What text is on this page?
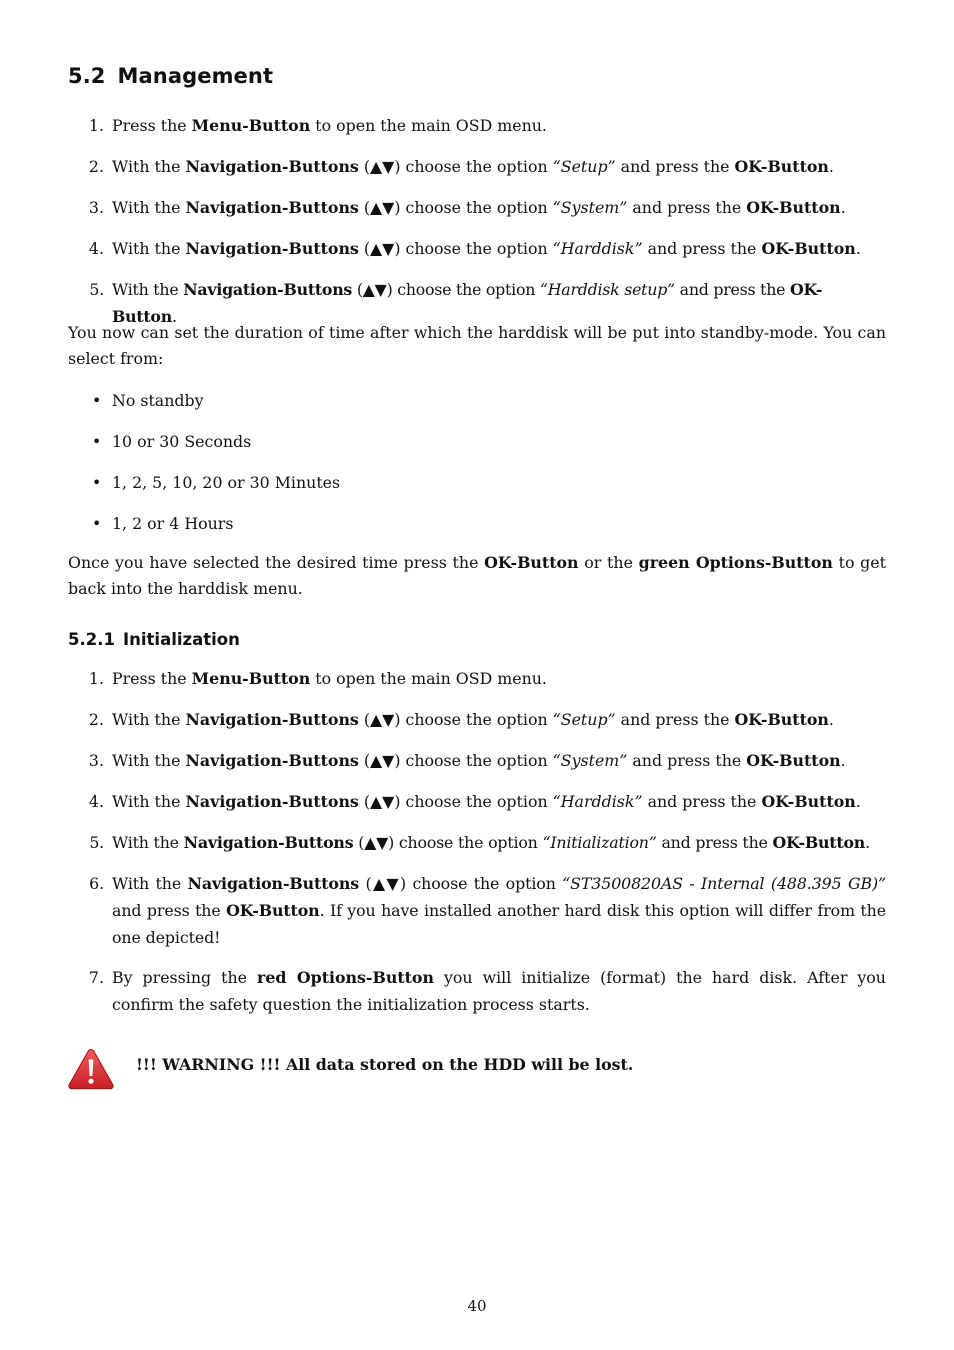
5.2 Management
1. Press the Menu-Button to open the main OSD menu.
2. With the Navigation-Buttons (▲▼) choose the option “Setup” and press the OK-Button.
3. With the Navigation-Buttons (▲▼) choose the option “System” and press the OK-Button.
4. With the Navigation-Buttons (▲▼) choose the option “Harddisk” and press the OK-Button.
5. With the Navigation-Buttons (▲▼) choose the option “Harddisk setup” and press the OK-Button.

You now can set the duration of time after which the harddisk will be put into standby-mode. You can select from:

• No standby
• 10 or 30 Seconds
• 1, 2, 5, 10, 20 or 30 Minutes
• 1, 2 or 4 Hours

Once you have selected the desired time press the OK-Button or the green Options-Button to get back into the harddisk menu.

5.2.1 Initialization
1. Press the Menu-Button to open the main OSD menu.
2. With the Navigation-Buttons (▲▼) choose the option “Setup” and press the OK-Button.
3. With the Navigation-Buttons (▲▼) choose the option “System” and press the OK-Button.
4. With the Navigation-Buttons (▲▼) choose the option “Harddisk” and press the OK-Button.
5. With the Navigation-Buttons (▲▼) choose the option “Initialization” and press the OK-Button.
6. With the Navigation-Buttons (▲▼) choose the option “ST3500820AS - Internal (488.395 GB)” and press the OK-Button. If you have installed another hard disk this option will differ from the one depicted!
7. By pressing the red Options-Button you will initialize (format) the hard disk. After you confirm the safety question the initialization process starts.
!!! WARNING !!! All data stored on the HDD will be lost.
40
